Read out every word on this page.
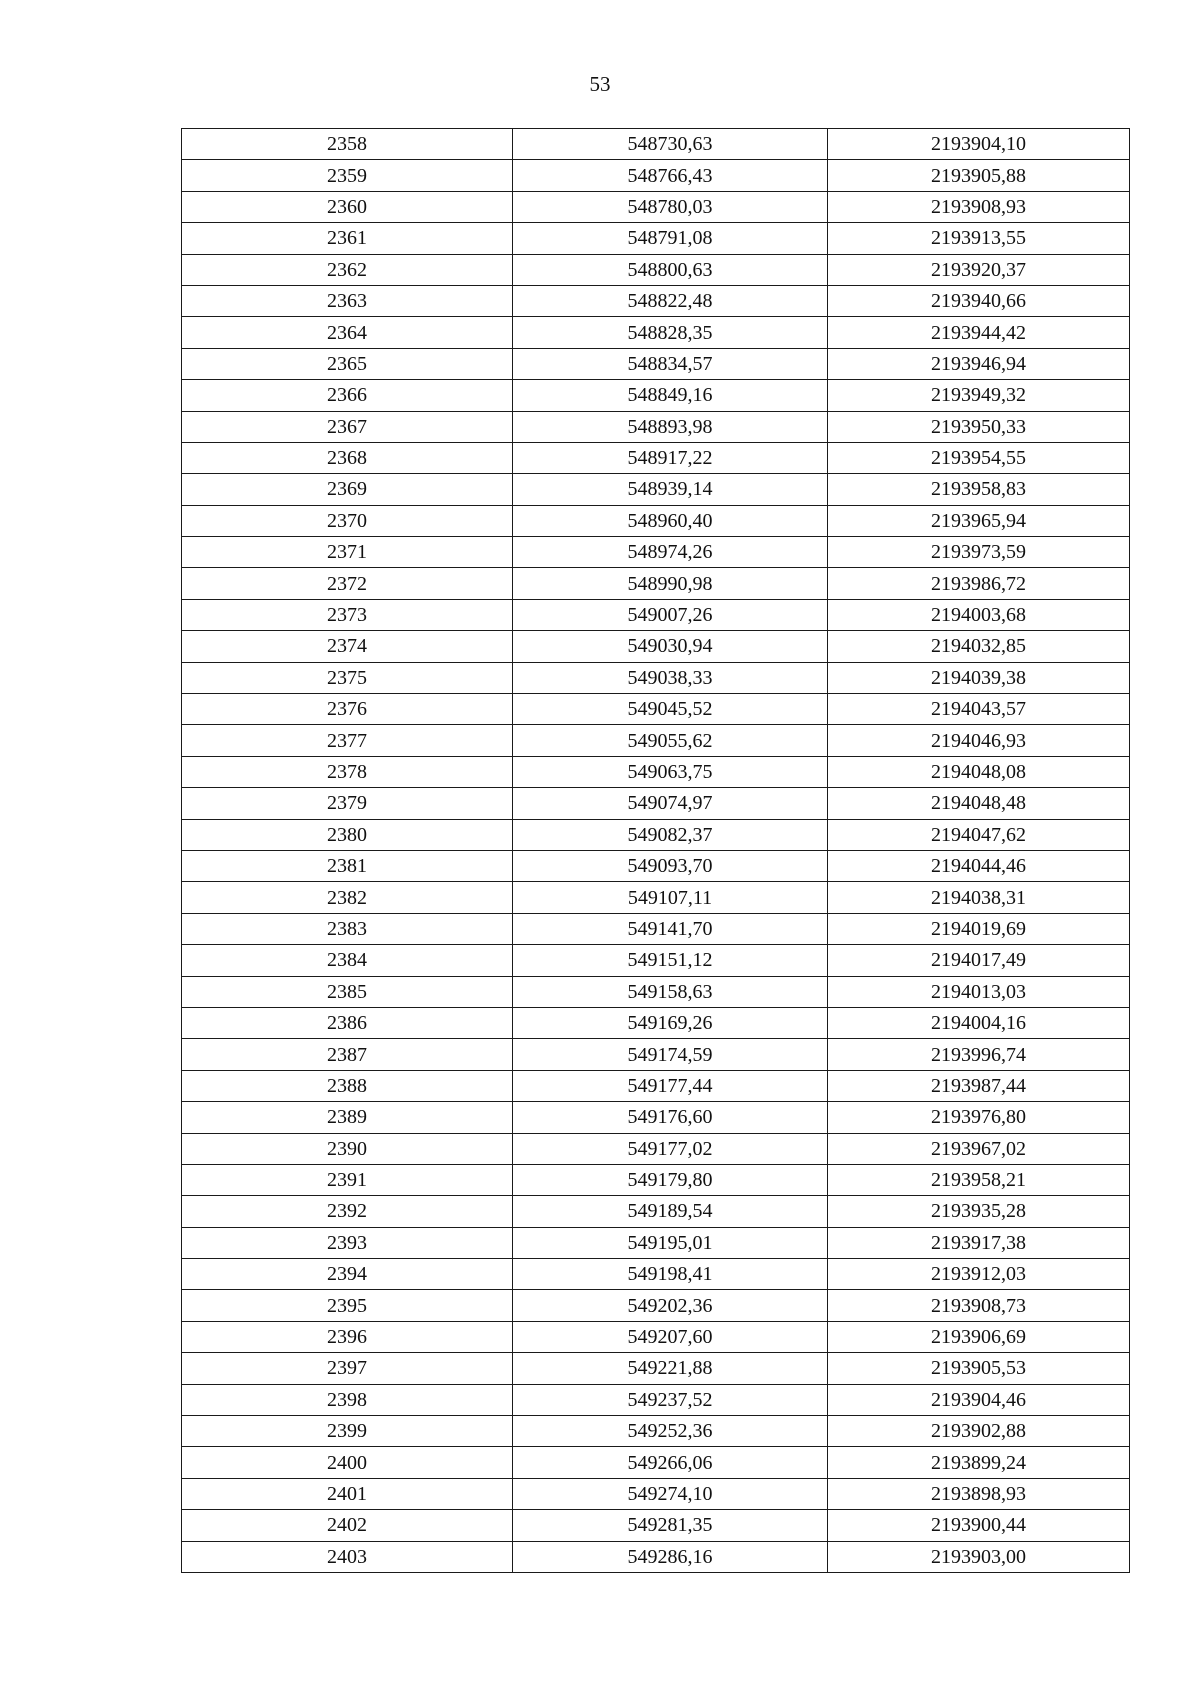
53
2358	548730,63	2193904,10
2359	548766,43	2193905,88
2360	548780,03	2193908,93
2361	548791,08	2193913,55
2362	548800,63	2193920,37
2363	548822,48	2193940,66
2364	548828,35	2193944,42
2365	548834,57	2193946,94
2366	548849,16	2193949,32
2367	548893,98	2193950,33
2368	548917,22	2193954,55
2369	548939,14	2193958,83
2370	548960,40	2193965,94
2371	548974,26	2193973,59
2372	548990,98	2193986,72
2373	549007,26	2194003,68
2374	549030,94	2194032,85
2375	549038,33	2194039,38
2376	549045,52	2194043,57
2377	549055,62	2194046,93
2378	549063,75	2194048,08
2379	549074,97	2194048,48
2380	549082,37	2194047,62
2381	549093,70	2194044,46
2382	549107,11	2194038,31
2383	549141,70	2194019,69
2384	549151,12	2194017,49
2385	549158,63	2194013,03
2386	549169,26	2194004,16
2387	549174,59	2193996,74
2388	549177,44	2193987,44
2389	549176,60	2193976,80
2390	549177,02	2193967,02
2391	549179,80	2193958,21
2392	549189,54	2193935,28
2393	549195,01	2193917,38
2394	549198,41	2193912,03
2395	549202,36	2193908,73
2396	549207,60	2193906,69
2397	549221,88	2193905,53
2398	549237,52	2193904,46
2399	549252,36	2193902,88
2400	549266,06	2193899,24
2401	549274,10	2193898,93
2402	549281,35	2193900,44
2403	549286,16	2193903,00
